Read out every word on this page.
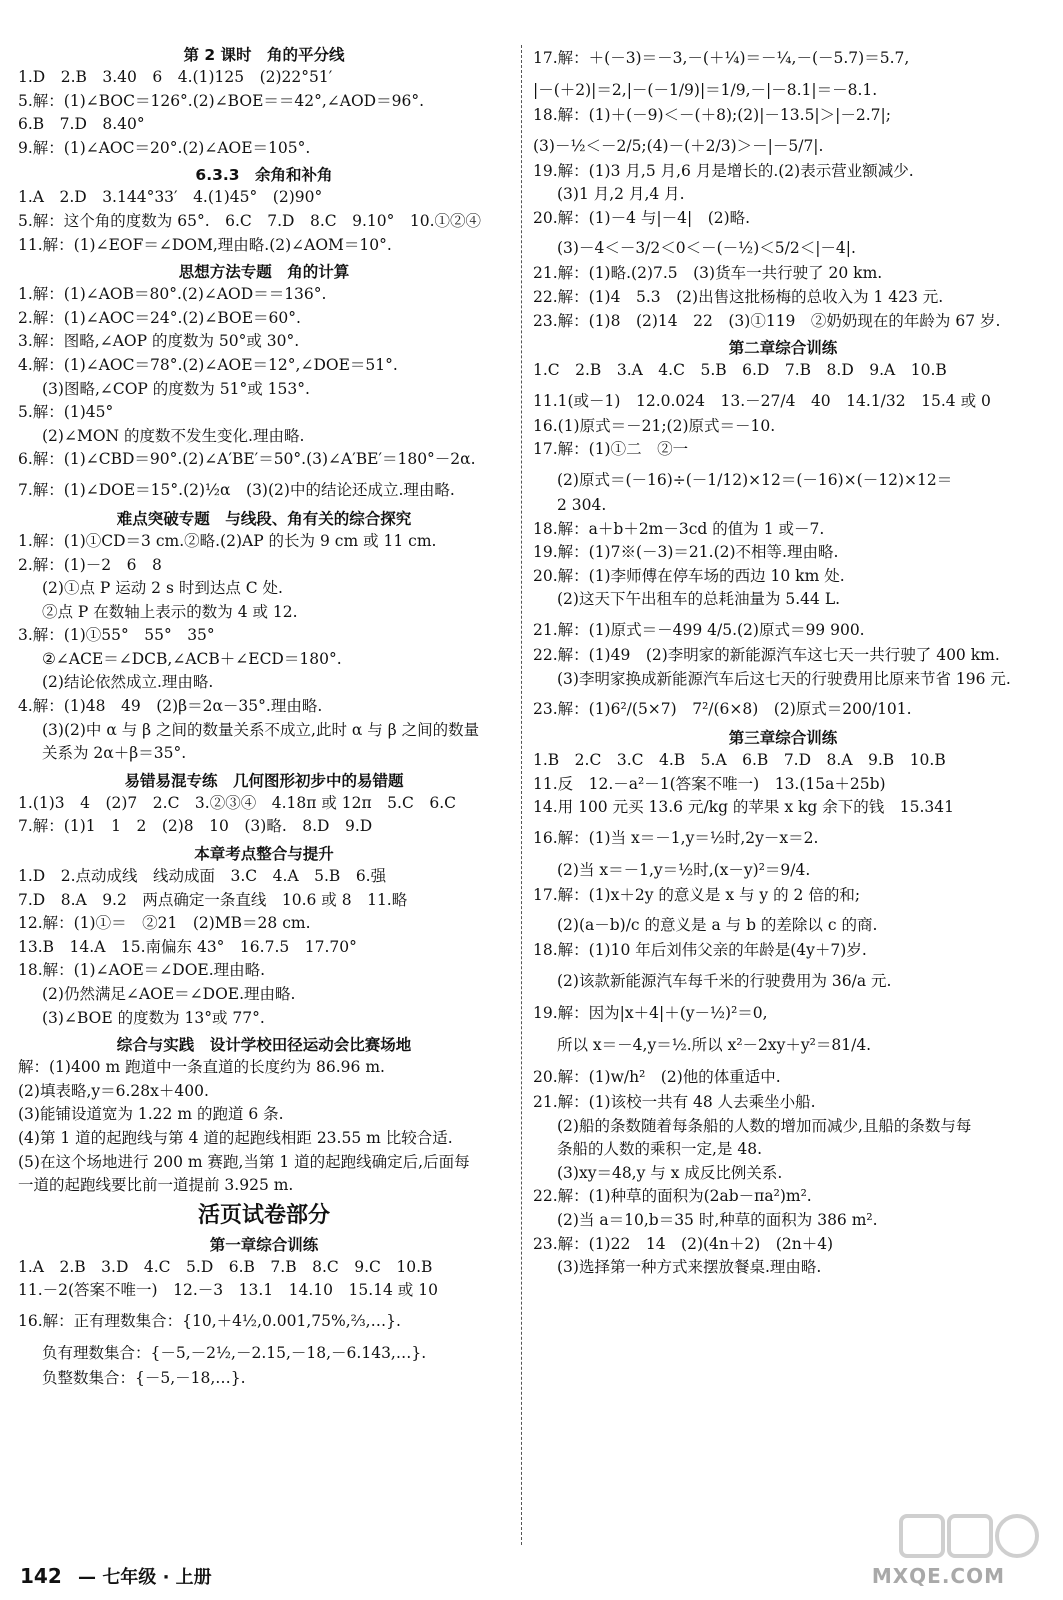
第 2 课时　角的平分线
1.D　2.B　3.40　6　4.(1)125　(2)22°51′
5.解：(1)∠BOC＝126°.(2)∠BOE＝＝42°,∠AOD＝96°.
6.B　7.D　8.40°
9.解：(1)∠AOC＝20°.(2)∠AOE＝105°.
6.3.3　余角和补角
1.A　2.D　3.144°33′　4.(1)45°　(2)90°
5.解：这个角的度数为 65°.　6.C　7.D　8.C　9.10°　10.①②④
11.解：(1)∠EOF＝∠DOM,理由略.(2)∠AOM＝10°.
思想方法专题　角的计算
1.解：(1)∠AOB＝80°.(2)∠AOD＝＝136°.
2.解：(1)∠AOC＝24°.(2)∠BOE＝60°.
3.解：图略,∠AOP 的度数为 50°或 30°.
4.解：(1)∠AOC＝78°.(2)∠AOE＝12°,∠DOE＝51°.
(3)图略,∠COP 的度数为 51°或 153°.
5.解：(1)45°
(2)∠MON 的度数不发生变化.理由略.
6.解：(1)∠CBD＝90°.(2)∠A′BE′＝50°.(3)∠A′BE′＝180°－2α.
7.解：(1)∠DOE＝15°.(2)½α　(3)(2)中的结论还成立.理由略.
难点突破专题　与线段、角有关的综合探究
1.解：(1)①CD＝3 cm.②略.(2)AP 的长为 9 cm 或 11 cm.
2.解：(1)－2　6　8
(2)①点 P 运动 2 s 时到达点 C 处.
②点 P 在数轴上表示的数为 4 或 12.
3.解：(1)①55°　55°　35°
②∠ACE＝∠DCB,∠ACB＋∠ECD＝180°.
(2)结论依然成立.理由略.
4.解：(1)48　49　(2)β＝2α－35°.理由略.
(3)(2)中 α 与 β 之间的数量关系不成立,此时 α 与 β 之间的数量
关系为 2α＋β＝35°.
易错易混专练　几何图形初步中的易错题
1.(1)3　4　(2)7　2.C　3.②③④　4.18π 或 12π　5.C　6.C
7.解：(1)1　1　2　(2)8　10　(3)略.　8.D　9.D
本章考点整合与提升
1.D　2.点动成线　线动成面　3.C　4.A　5.B　6.强
7.D　8.A　9.2　两点确定一条直线　10.6 或 8　11.略
12.解：(1)①＝　②21　(2)MB＝28 cm.
13.B　14.A　15.南偏东 43°　16.7.5　17.70°
18.解：(1)∠AOE＝∠DOE.理由略.
(2)仍然满足∠AOE＝∠DOE.理由略.
(3)∠BOE 的度数为 13°或 77°.
综合与实践　设计学校田径运动会比赛场地
解：(1)400 m 跑道中一条直道的长度约为 86.96 m.
(2)填表略,y＝6.28x＋400.
(3)能铺设道宽为 1.22 m 的跑道 6 条.
(4)第 1 道的起跑线与第 4 道的起跑线相距 23.55 m 比较合适.
(5)在这个场地进行 200 m 赛跑,当第 1 道的起跑线确定后,后面每
一道的起跑线要比前一道提前 3.925 m.
活页试卷部分
第一章综合训练
1.A　2.B　3.D　4.C　5.D　6.B　7.B　8.C　9.C　10.B
11.－2(答案不唯一)　12.－3　13.1　14.10　15.14 或 10
16.解：正有理数集合：{10,＋4½,0.001,75%,⅔,…}.
负有理数集合：{－5,－2½,－2.15,－18,－6.143,…}.
负整数集合：{－5,－18,…}.
17.解：＋(－3)＝－3,－(＋¼)＝－¼,－(－5.7)＝5.7,
|－(＋2)|＝2,|－(－1/9)|＝1/9,－|－8.1|＝－8.1.
18.解：(1)＋(－9)＜－(＋8);(2)|－13.5|＞|－2.7|;
(3)－½＜－2/5;(4)－(＋2/3)＞－|－5/7|.
19.解：(1)3 月,5 月,6 月是增长的.(2)表示营业额减少.
(3)1 月,2 月,4 月.
20.解：(1)－4 与|－4|　(2)略.
(3)－4＜－3/2＜0＜－(－½)＜5/2＜|－4|.
21.解：(1)略.(2)7.5　(3)货车一共行驶了 20 km.
22.解：(1)4　5.3　(2)出售这批杨梅的总收入为 1 423 元.
23.解：(1)8　(2)14　22　(3)①119　②奶奶现在的年龄为 67 岁.
第二章综合训练
1.C　2.B　3.A　4.C　5.B　6.D　7.B　8.D　9.A　10.B
11.1(或－1)　12.0.024　13.－27/4　40　14.1/32　15.4 或 0
16.(1)原式＝－21;(2)原式＝－10.
17.解：(1)①二　②一
(2)原式＝(－16)÷(－1/12)×12＝(－16)×(－12)×12＝
2 304.
18.解：a＋b＋2m－3cd 的值为 1 或－7.
19.解：(1)7※(－3)＝21.(2)不相等.理由略.
20.解：(1)李师傅在停车场的西边 10 km 处.
(2)这天下午出租车的总耗油量为 5.44 L.
21.解：(1)原式＝－499 4/5.(2)原式＝99 900.
22.解：(1)49　(2)李明家的新能源汽车这七天一共行驶了 400 km.
(3)李明家换成新能源汽车后这七天的行驶费用比原来节省 196 元.
23.解：(1)6²/(5×7)　7²/(6×8)　(2)原式＝200/101.
第三章综合训练
1.B　2.C　3.C　4.B　5.A　6.B　7.D　8.A　9.B　10.B
11.反　12.－a²－1(答案不唯一)　13.(15a＋25b)
14.用 100 元买 13.6 元/kg 的苹果 x kg 余下的钱　15.341
16.解：(1)当 x＝－1,y＝½时,2y－x＝2.
(2)当 x＝－1,y＝½时,(x－y)²＝9/4.
17.解：(1)x＋2y 的意义是 x 与 y 的 2 倍的和;
(2)(a－b)/c 的意义是 a 与 b 的差除以 c 的商.
18.解：(1)10 年后刘伟父亲的年龄是(4y＋7)岁.
(2)该款新能源汽车每千米的行驶费用为 36/a 元.
19.解：因为|x＋4|＋(y－½)²＝0,
所以 x＝－4,y＝½.所以 x²－2xy＋y²＝81/4.
20.解：(1)w/h²　(2)他的体重适中.
21.解：(1)该校一共有 48 人去乘坐小船.
(2)船的条数随着每条船的人数的增加而减少,且船的条数与每
条船的人数的乘积一定,是 48.
(3)xy＝48,y 与 x 成反比例关系.
22.解：(1)种草的面积为(2ab－πa²)m².
(2)当 a＝10,b＝35 时,种草的面积为 386 m².
23.解：(1)22　14　(2)(4n＋2)　(2n＋4)
(3)选择第一种方式来摆放餐桌.理由略.
142 — 七年级 · 上册	MXQE.COM
